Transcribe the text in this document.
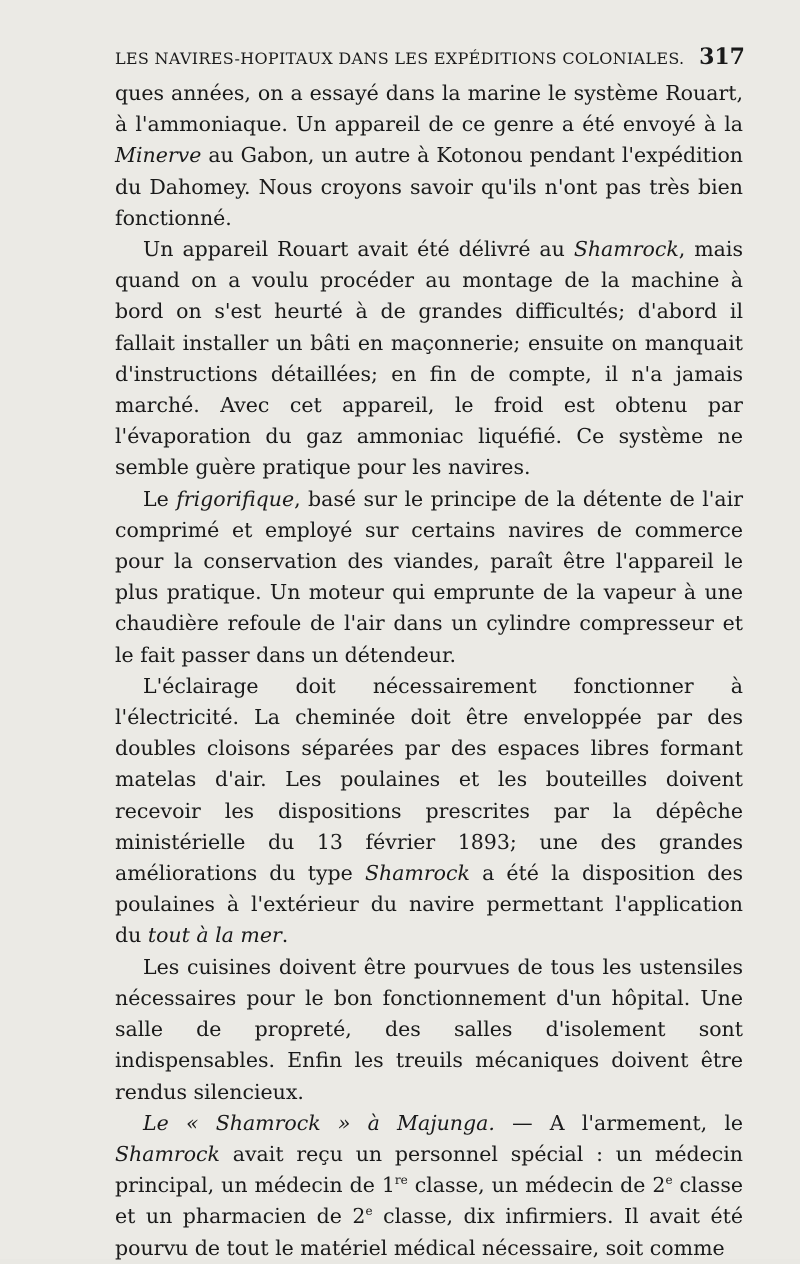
LES NAVIRES-HOPITAUX DANS LES EXPÉDITIONS COLONIALES. 317

ques années, on a essayé dans la marine le système Rouart, à l'ammoniaque. Un appareil de ce genre a été envoyé à la Minerve au Gabon, un autre à Kotonou pendant l'expédition du Dahomey. Nous croyons savoir qu'ils n'ont pas très bien fonctionné.

Un appareil Rouart avait été délivré au Shamrock, mais quand on a voulu procéder au montage de la machine à bord on s'est heurté à de grandes difficultés; d'abord il fallait installer un bâti en maçonnerie; ensuite on manquait d'instructions détaillées; en fin de compte, il n'a jamais marché. Avec cet appareil, le froid est obtenu par l'évaporation du gaz ammoniac liquéfié. Ce système ne semble guère pratique pour les navires.

Le frigorifique, basé sur le principe de la détente de l'air comprimé et employé sur certains navires de commerce pour la conservation des viandes, paraît être l'appareil le plus pratique. Un moteur qui emprunte de la vapeur à une chaudière refoule de l'air dans un cylindre compresseur et le fait passer dans un détendeur.

L'éclairage doit nécessairement fonctionner à l'électricité. La cheminée doit être enveloppée par des doubles cloisons séparées par des espaces libres formant matelas d'air. Les poulaines et les bouteilles doivent recevoir les dispositions prescrites par la dépêche ministérielle du 13 février 1893; une des grandes améliorations du type Shamrock a été la disposition des poulaines à l'extérieur du navire permettant l'application du tout à la mer.

Les cuisines doivent être pourvues de tous les ustensiles nécessaires pour le bon fonctionnement d'un hôpital. Une salle de propreté, des salles d'isolement sont indispensables. Enfin les treuils mécaniques doivent être rendus silencieux.

Le « Shamrock » à Majunga. — A l'armement, le Shamrock avait reçu un personnel spécial : un médecin principal, un médecin de 1re classe, un médecin de 2e classe et un pharmacien de 2e classe, dix infirmiers. Il avait été pourvu de tout le matériel médical nécessaire, soit comme
